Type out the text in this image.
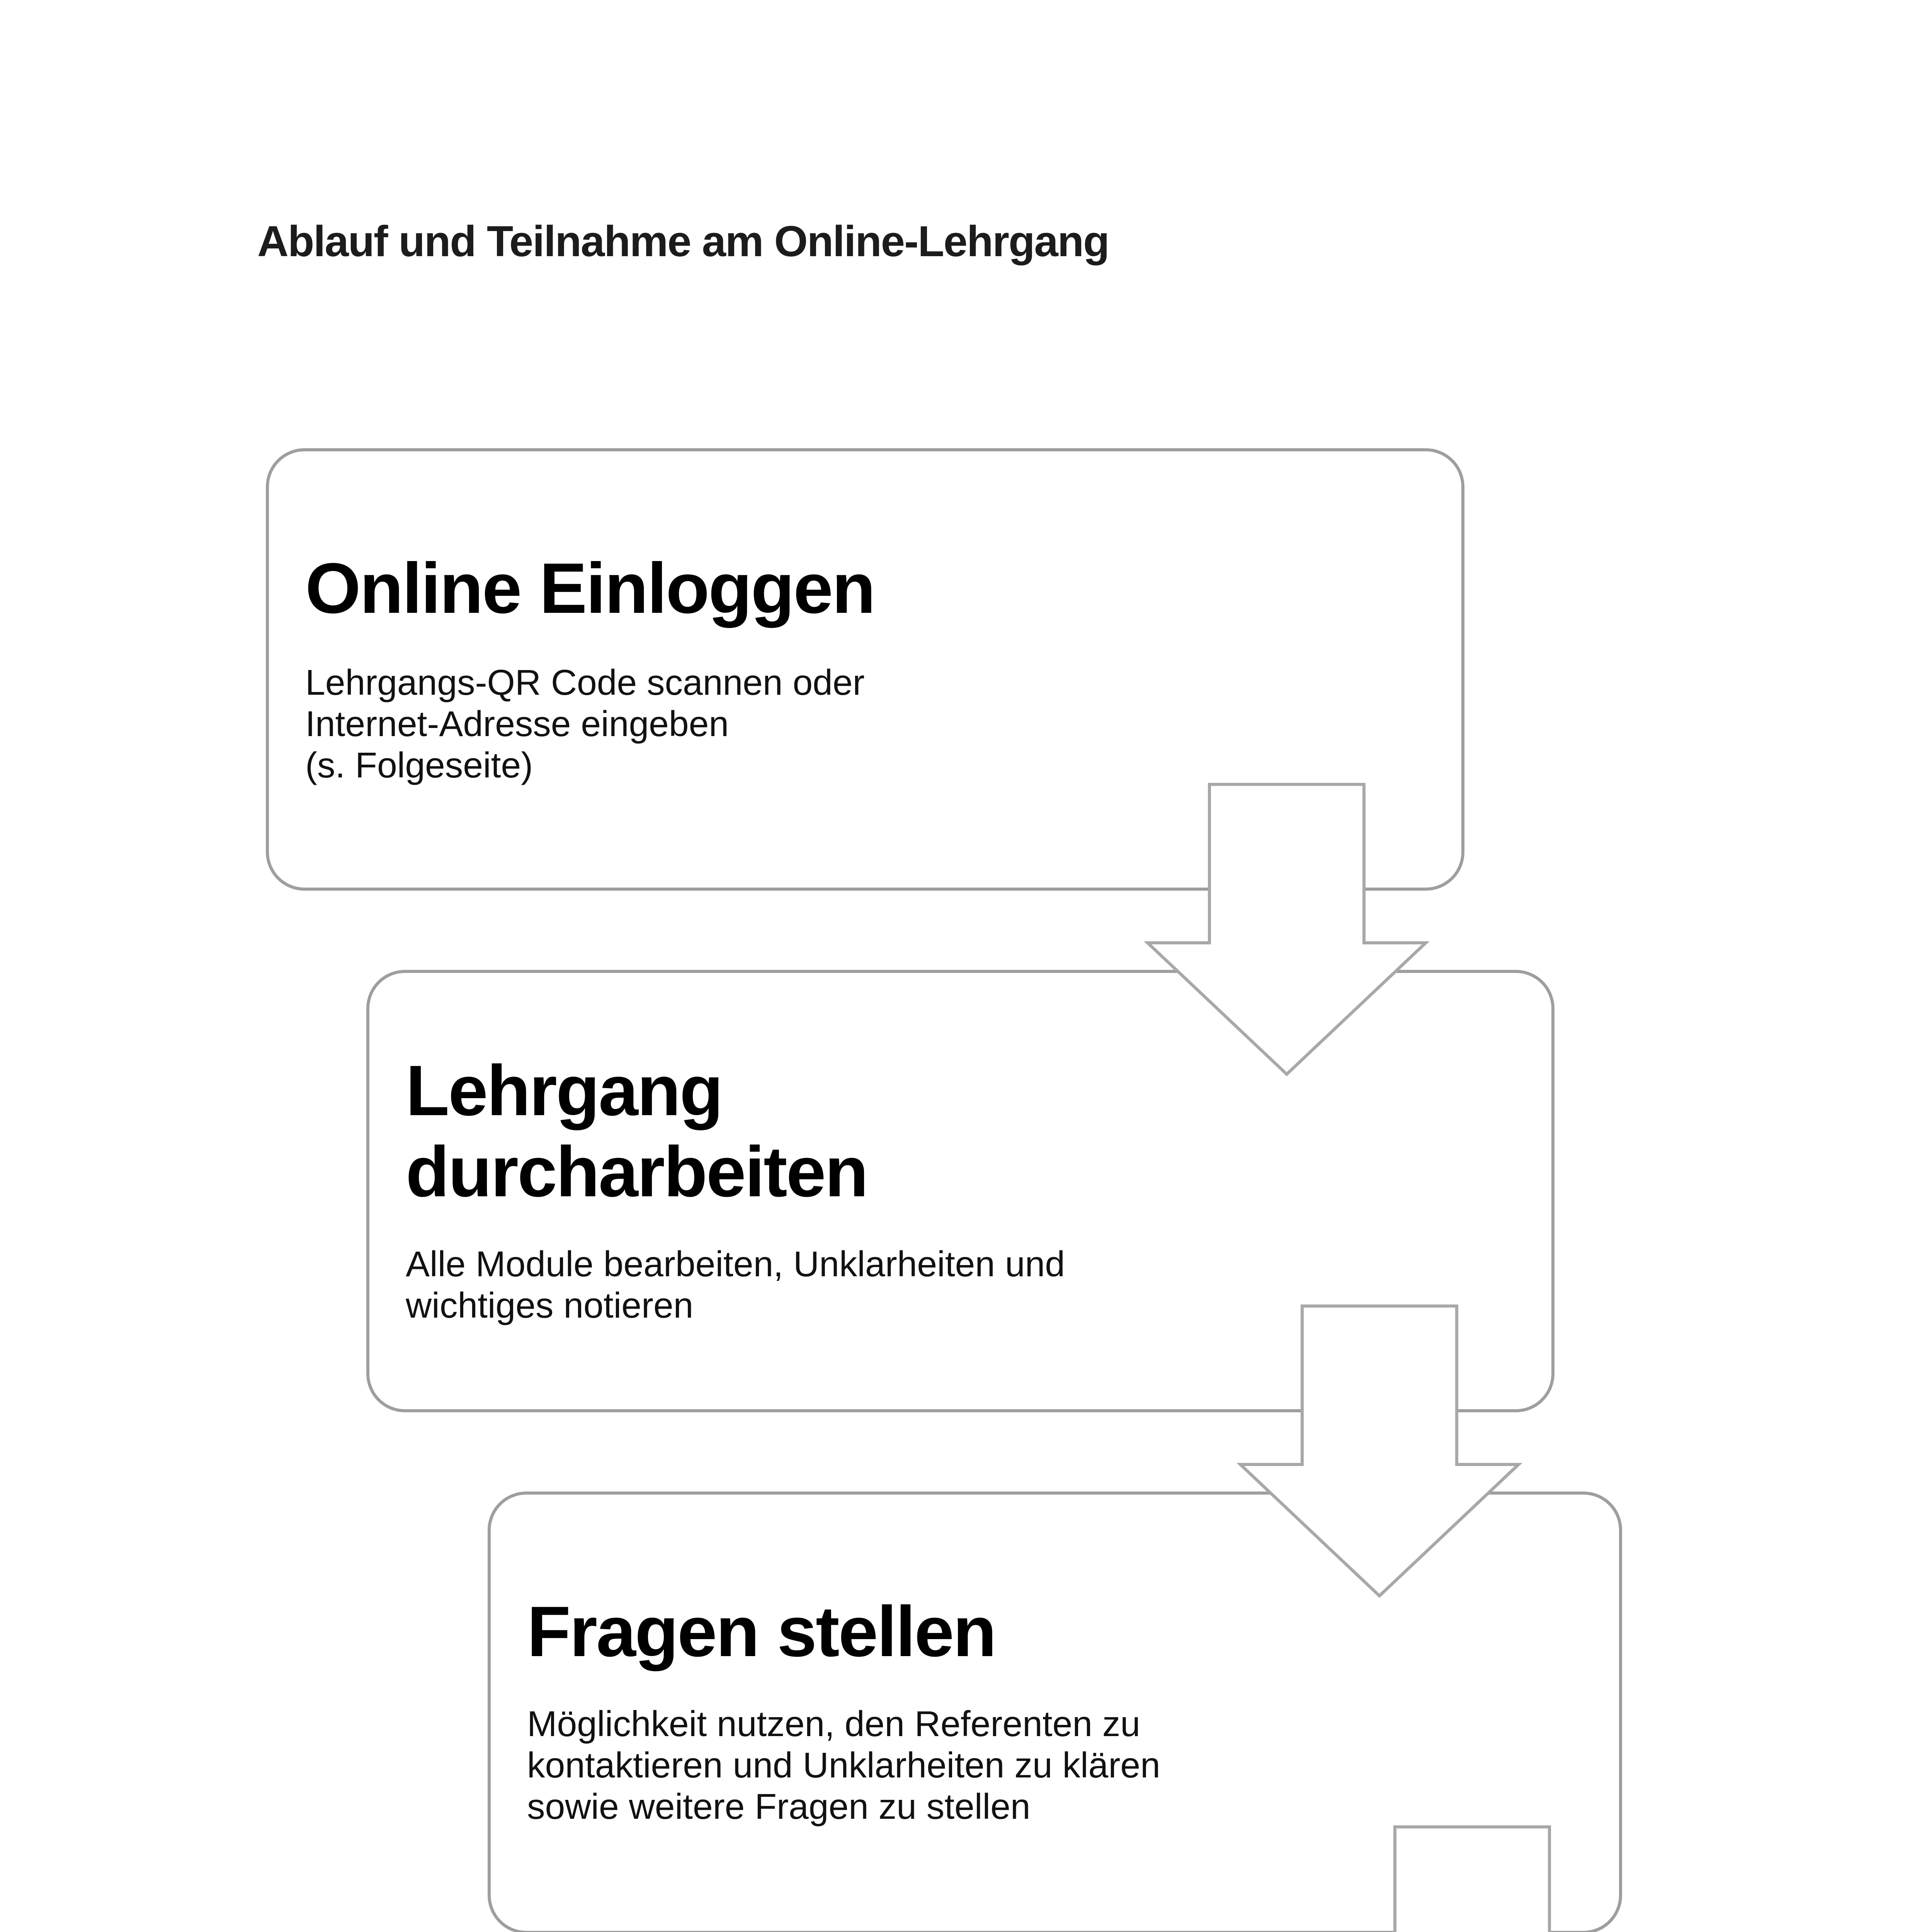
Ablauf und Teilnahme am Online-Lehrgang
Online Einloggen

Lehrgangs-QR Code scannen oder
Internet-Adresse eingeben
(s. Folgeseite)

Lehrgang
durcharbeiten

Alle Module bearbeiten, Unklarheiten und
wichtiges notieren

Fragen stellen

Möglichkeit nutzen, den Referenten zu
kontaktieren und Unklarheiten zu klären
sowie weitere Fragen zu stellen
